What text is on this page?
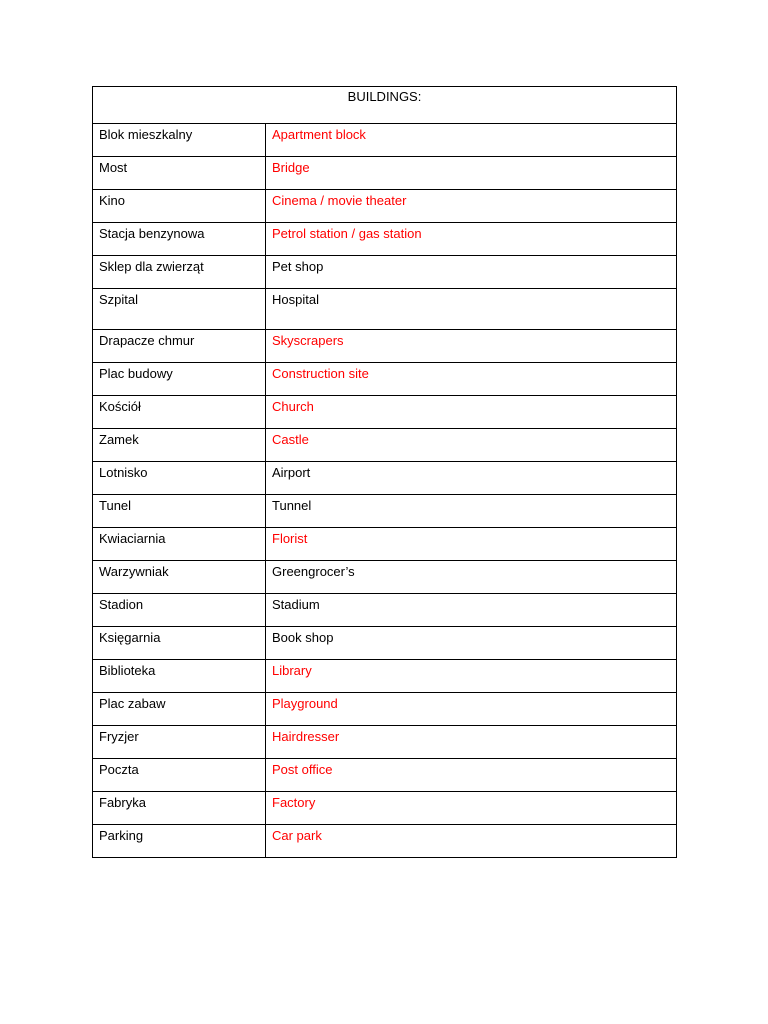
BUILDINGS:	
Blok mieszkalny	Apartment block
Most	Bridge
Kino	Cinema / movie theater
Stacja benzynowa	Petrol station / gas station
Sklep dla zwierząt	Pet shop
Szpital	Hospital
Drapacze chmur	Skyscrapers
Plac budowy	Construction site
Kościół	Church
Zamek	Castle
Lotnisko	Airport
Tunel	Tunnel
Kwiaciarnia	Florist
Warzywniak	Greengrocer’s
Stadion	Stadium
Księgarnia	Book shop
Biblioteka	Library
Plac zabaw	Playground
Fryzjer	Hairdresser
Poczta	Post office
Fabryka	Factory
Parking	Car park
